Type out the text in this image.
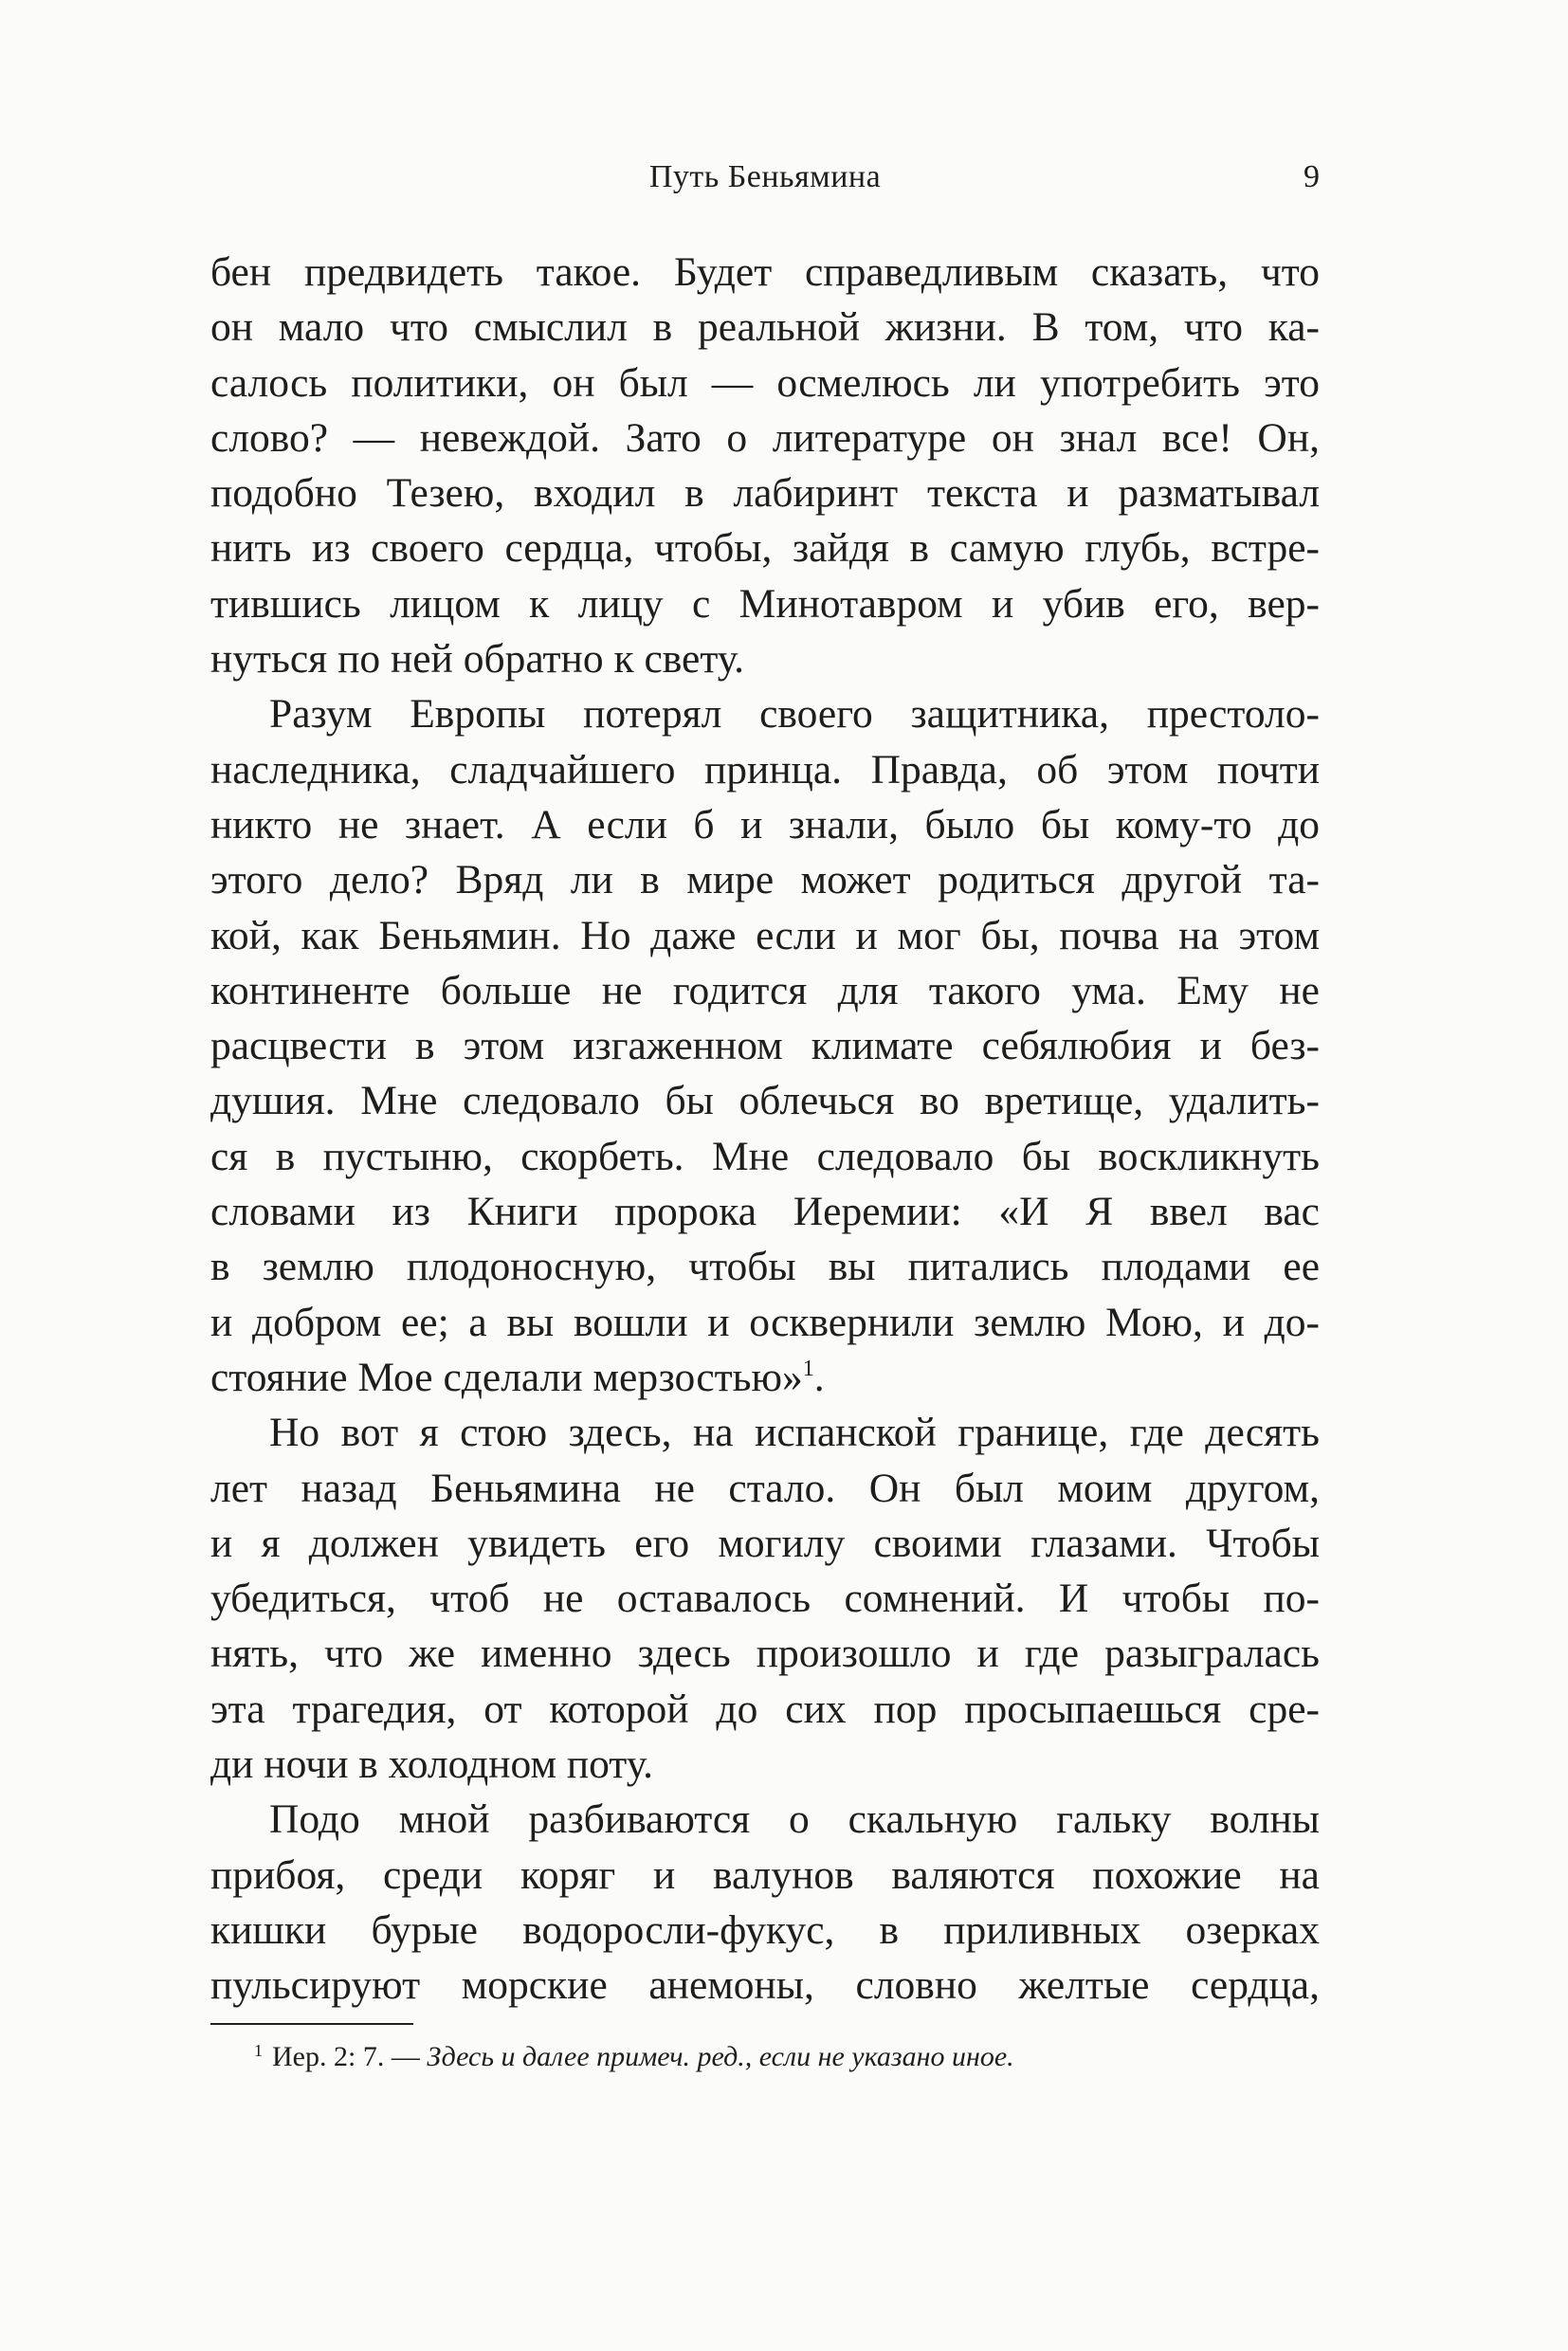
Путь Беньямина	9
бен предвидеть такое. Будет справедливым сказать, что
он мало что смыслил в реальной жизни. В том, что ка-
салось политики, он был — осмелюсь ли употребить это
слово? — невеждой. Зато о литературе он знал все! Он,
подобно Тезею, входил в лабиринт текста и разматывал
нить из своего сердца, чтобы, зайдя в самую глубь, встре-
тившись лицом к лицу с Минотавром и убив его, вер-
нуться по ней обратно к свету.
Разум Европы потерял своего защитника, престоло-
наследника, сладчайшего принца. Правда, об этом почти
никто не знает. А если б и знали, было бы кому-то до
этого дело? Вряд ли в мире может родиться другой та-
кой, как Беньямин. Но даже если и мог бы, почва на этом
континенте больше не годится для такого ума. Ему не
расцвести в этом изгаженном климате себялюбия и без-
душия. Мне следовало бы облечься во вретище, удалить-
ся в пустыню, скорбеть. Мне следовало бы воскликнуть
словами из Книги пророка Иеремии: «И Я ввел вас
в землю плодоносную, чтобы вы питались плодами ее
и добром ее; а вы вошли и осквернили землю Мою, и до-
стояние Мое сделали мерзостью»$^1$.
Но вот я стою здесь, на испанской границе, где десять
лет назад Беньямина не стало. Он был моим другом,
и я должен увидеть его могилу своими глазами. Чтобы
убедиться, чтоб не оставалось сомнений. И чтобы по-
нять, что же именно здесь произошло и где разыгралась
эта трагедия, от которой до сих пор просыпаешься сре-
ди ночи в холодном поту.
Подо мной разбиваются о скальную гальку волны
прибоя, среди коряг и валунов валяются похожие на
кишки бурые водоросли-фукус, в приливных озерках
пульсируют морские анемоны, словно желтые сердца,
$^1$ Иер. 2: 7. — Здесь и далее примеч. ред., если не указано иное.
